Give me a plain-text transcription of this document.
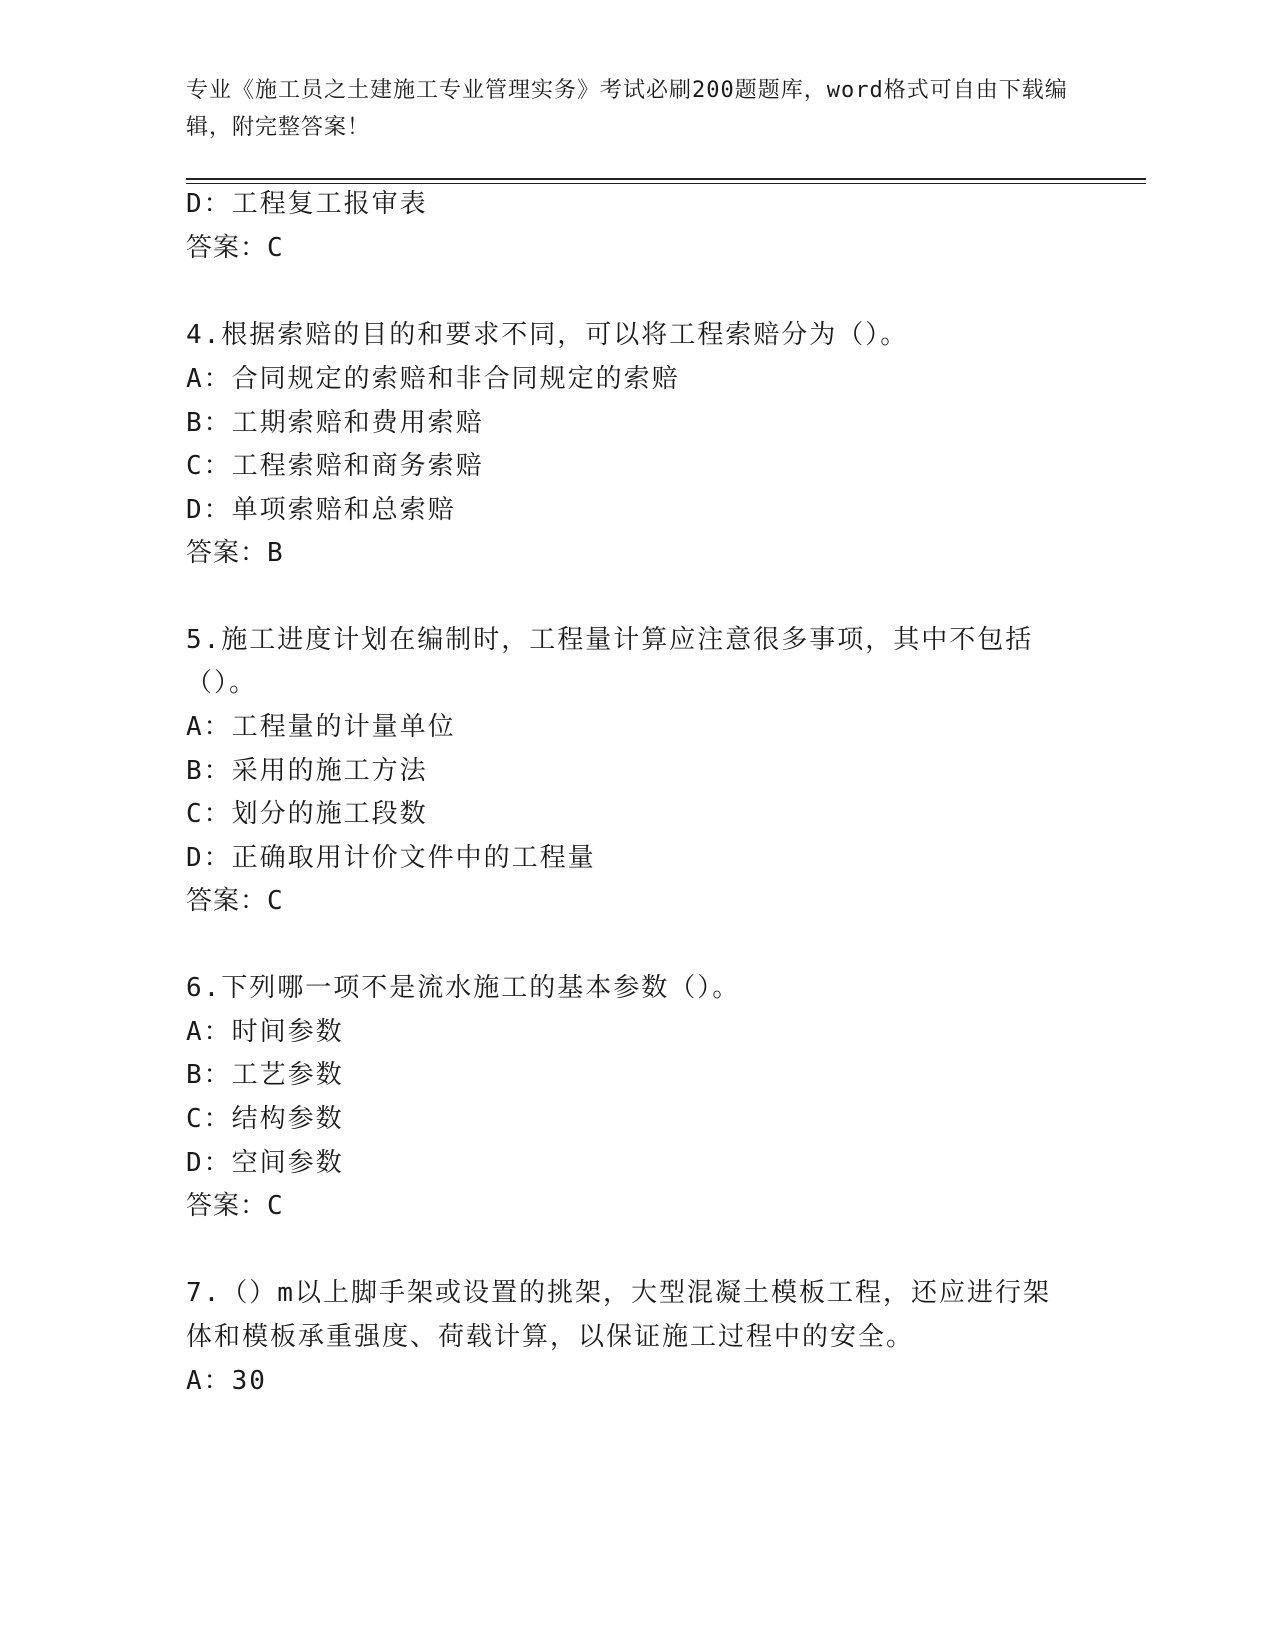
专业《施工员之土建施工专业管理实务》考试必刷200题题库，word格式可自由下载编辑，附完整答案！
D：工程复工报审表
答案：C
4.根据索赔的目的和要求不同，可以将工程索赔分为（）。
A：合同规定的索赔和非合同规定的索赔
B：工期索赔和费用索赔
C：工程索赔和商务索赔
D：单项索赔和总索赔
答案：B
5.施工进度计划在编制时，工程量计算应注意很多事项，其中不包括
（）。
A：工程量的计量单位
B：采用的施工方法
C：划分的施工段数
D：正确取用计价文件中的工程量
答案：C
6.下列哪一项不是流水施工的基本参数（）。
A：时间参数
B：工艺参数
C：结构参数
D：空间参数
答案：C
7.（）m以上脚手架或设置的挑架，大型混凝土模板工程，还应进行架
体和模板承重强度、荷载计算，以保证施工过程中的安全。
A：30
